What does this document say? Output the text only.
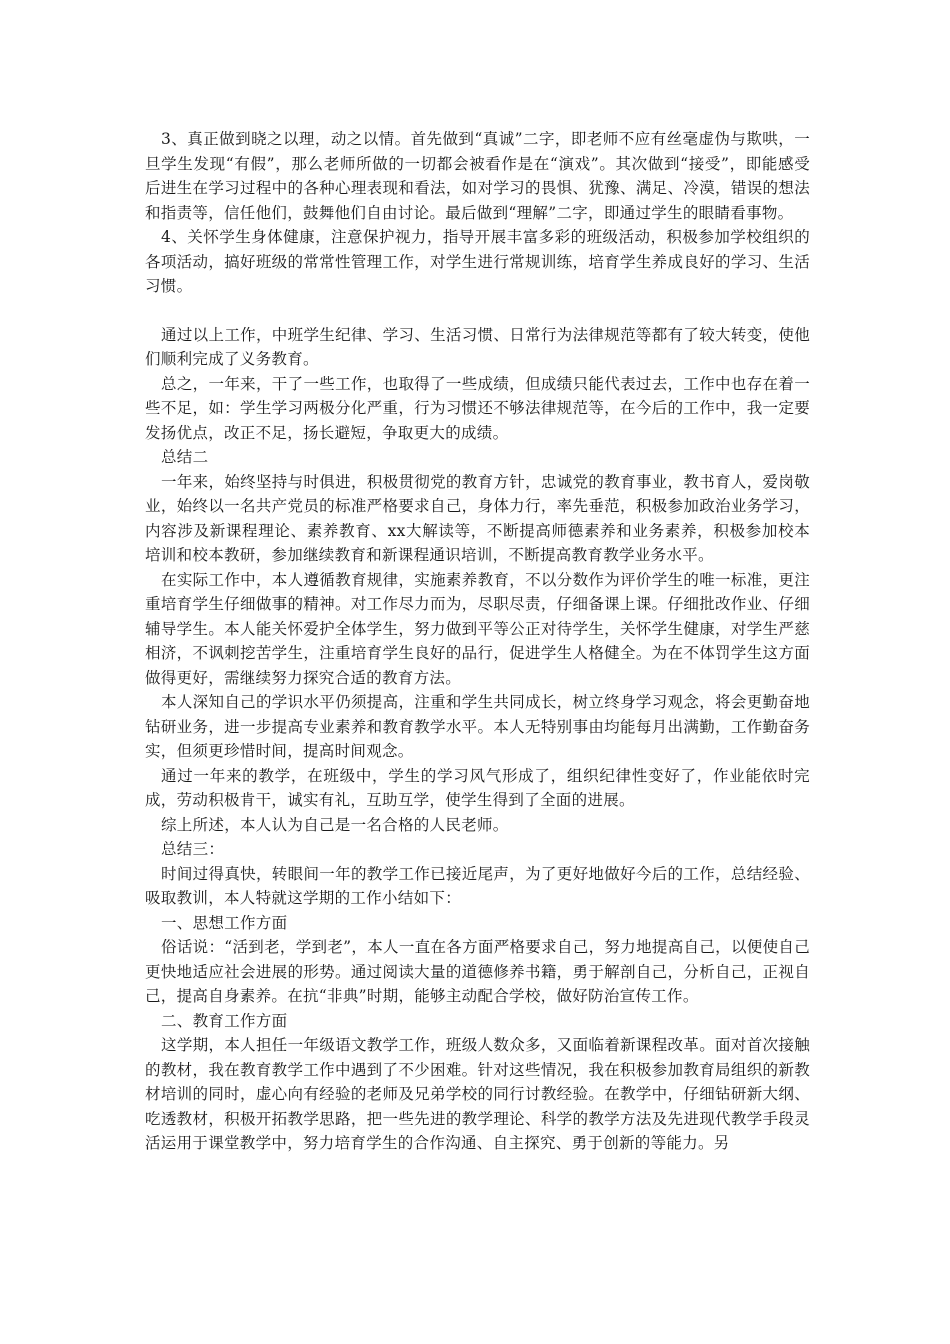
3、真正做到晓之以理，动之以情。首先做到“真诚”二字，即老师不应有丝毫虚伪与欺哄，一旦学生发现“有假”，那么老师所做的一切都会被看作是在“演戏”。其次做到“接受”，即能感受后进生在学习过程中的各种心理表现和看法，如对学习的畏惧、犹豫、满足、冷漠，错误的想法和指责等，信任他们，鼓舞他们自由讨论。最后做到“理解”二字，即通过学生的眼睛看事物。

4、关怀学生身体健康，注意保护视力，指导开展丰富多彩的班级活动，积极参加学校组织的各项活动，搞好班级的常常性管理工作，对学生进行常规训练，培育学生养成良好的学习、生活习惯。

通过以上工作，中班学生纪律、学习、生活习惯、日常行为法律规范等都有了较大转变，使他们顺利完成了义务教育。

总之，一年来，干了一些工作，也取得了一些成绩，但成绩只能代表过去，工作中也存在着一些不足，如：学生学习两极分化严重，行为习惯还不够法律规范等，在今后的工作中，我一定要发扬优点，改正不足，扬长避短，争取更大的成绩。

总结二

一年来，始终坚持与时俱进，积极贯彻党的教育方针，忠诚党的教育事业，教书育人，爱岗敬业，始终以一名共产党员的标准严格要求自己，身体力行，率先垂范，积极参加政治业务学习，内容涉及新课程理论、素养教育、xx大解读等，不断提高师德素养和业务素养，积极参加校本培训和校本教研，参加继续教育和新课程通识培训，不断提高教育教学业务水平。

在实际工作中，本人遵循教育规律，实施素养教育，不以分数作为评价学生的唯一标准，更注重培育学生仔细做事的精神。对工作尽力而为，尽职尽责，仔细备课上课。仔细批改作业、仔细辅导学生。本人能关怀爱护全体学生，努力做到平等公正对待学生，关怀学生健康，对学生严慈相济，不讽刺挖苦学生，注重培育学生良好的品行，促进学生人格健全。为在不体罚学生这方面做得更好，需继续努力探究合适的教育方法。

本人深知自己的学识水平仍须提高，注重和学生共同成长，树立终身学习观念，将会更勤奋地钻研业务，进一步提高专业素养和教育教学水平。本人无特别事由均能每月出满勤，工作勤奋务实，但须更珍惜时间，提高时间观念。

通过一年来的教学，在班级中，学生的学习风气形成了，组织纪律性变好了，作业能依时完成，劳动积极肯干，诚实有礼，互助互学，使学生得到了全面的进展。

综上所述，本人认为自己是一名合格的人民老师。

总结三：

时间过得真快，转眼间一年的教学工作已接近尾声，为了更好地做好今后的工作，总结经验、吸取教训，本人特就这学期的工作小结如下：

一、思想工作方面

俗话说：“活到老，学到老”，本人一直在各方面严格要求自己，努力地提高自己，以便使自己更快地适应社会进展的形势。通过阅读大量的道德修养书籍，勇于解剖自己，分析自己，正视自己，提高自身素养。在抗“非典”时期，能够主动配合学校，做好防治宣传工作。

二、教育工作方面

这学期，本人担任一年级语文教学工作，班级人数众多，又面临着新课程改革。面对首次接触的教材，我在教育教学工作中遇到了不少困难。针对这些情况，我在积极参加教育局组织的新教材培训的同时，虚心向有经验的老师及兄弟学校的同行讨教经验。在教学中，仔细钻研新大纲、吃透教材，积极开拓教学思路，把一些先进的教学理论、科学的教学方法及先进现代教学手段灵活运用于课堂教学中，努力培育学生的合作沟通、自主探究、勇于创新的等能力。另
